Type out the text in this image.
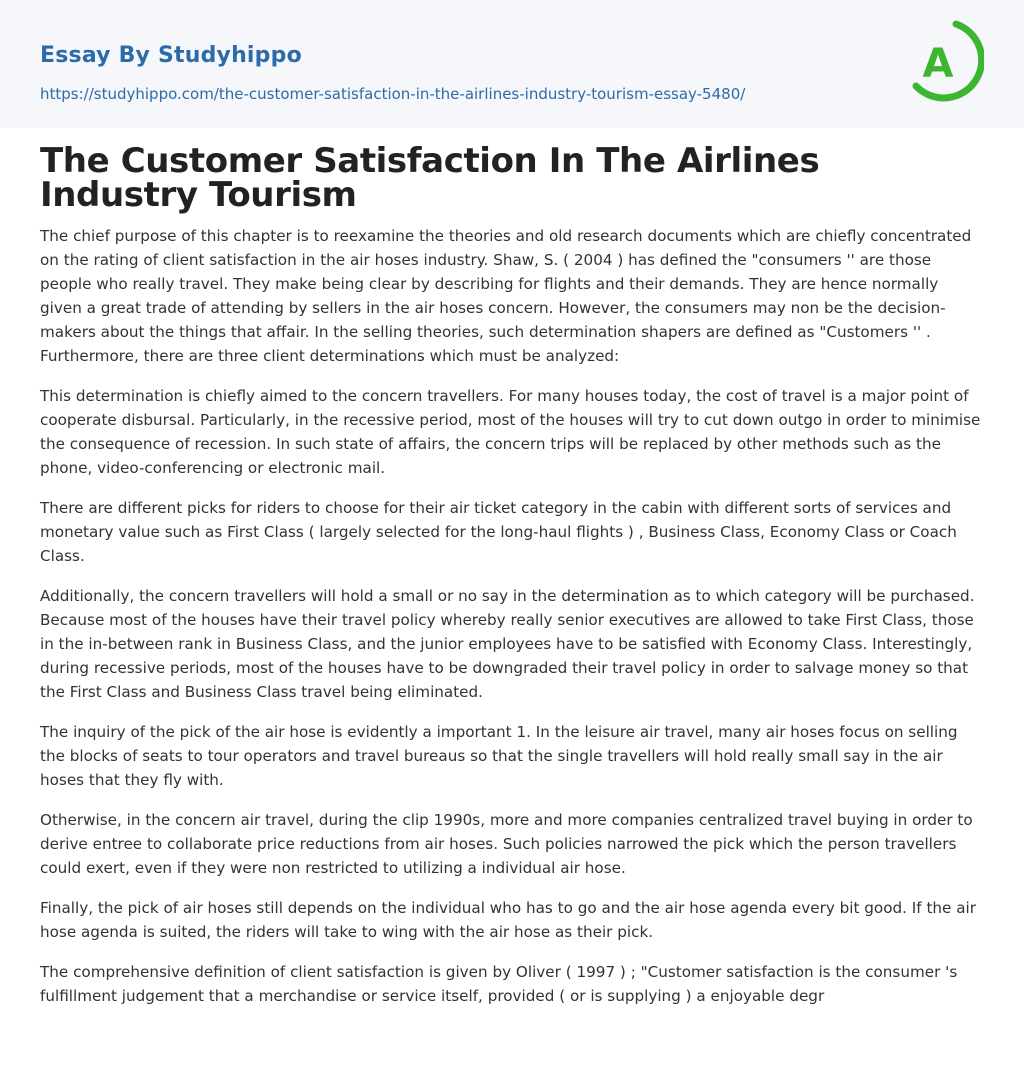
Essay By Studyhippo
https://studyhippo.com/the-customer-satisfaction-in-the-airlines-industry-tourism-essay-5480/
A
The Customer Satisfaction In The Airlines Industry Tourism

The chief purpose of this chapter is to reexamine the theories and old research documents which are chiefly concentrated on the rating of client satisfaction in the air hoses industry. Shaw, S. ( 2004 ) has defined the "consumers '' are those people who really travel. They make being clear by describing for flights and their demands. They are hence normally given a great trade of attending by sellers in the air hoses concern. However, the consumers may non be the decision-makers about the things that affair. In the selling theories, such determination shapers are defined as "Customers '' . Furthermore, there are three client determinations which must be analyzed:

This determination is chiefly aimed to the concern travellers. For many houses today, the cost of travel is a major point of cooperate disbursal. Particularly, in the recessive period, most of the houses will try to cut down outgo in order to minimise the consequence of recession. In such state of affairs, the concern trips will be replaced by other methods such as the phone, video-conferencing or electronic mail.

There are different picks for riders to choose for their air ticket category in the cabin with different sorts of services and monetary value such as First Class ( largely selected for the long-haul flights ) , Business Class, Economy Class or Coach Class.

Additionally, the concern travellers will hold a small or no say in the determination as to which category will be purchased. Because most of the houses have their travel policy whereby really senior executives are allowed to take First Class, those in the in-between rank in Business Class, and the junior employees have to be satisfied with Economy Class. Interestingly, during recessive periods, most of the houses have to be downgraded their travel policy in order to salvage money so that the First Class and Business Class travel being eliminated.

The inquiry of the pick of the air hose is evidently a important 1. In the leisure air travel, many air hoses focus on selling the blocks of seats to tour operators and travel bureaus so that the single travellers will hold really small say in the air hoses that they fly with.

Otherwise, in the concern air travel, during the clip 1990s, more and more companies centralized travel buying in order to derive entree to collaborate price reductions from air hoses. Such policies narrowed the pick which the person travellers could exert, even if they were non restricted to utilizing a individual air hose.

Finally, the pick of air hoses still depends on the individual who has to go and the air hose agenda every bit good. If the air hose agenda is suited, the riders will take to wing with the air hose as their pick.

The comprehensive definition of client satisfaction is given by Oliver ( 1997 ) ; "Customer satisfaction is the consumer 's fulfillment judgement that a merchandise or service itself, provided ( or is supplying ) a enjoyable degr
